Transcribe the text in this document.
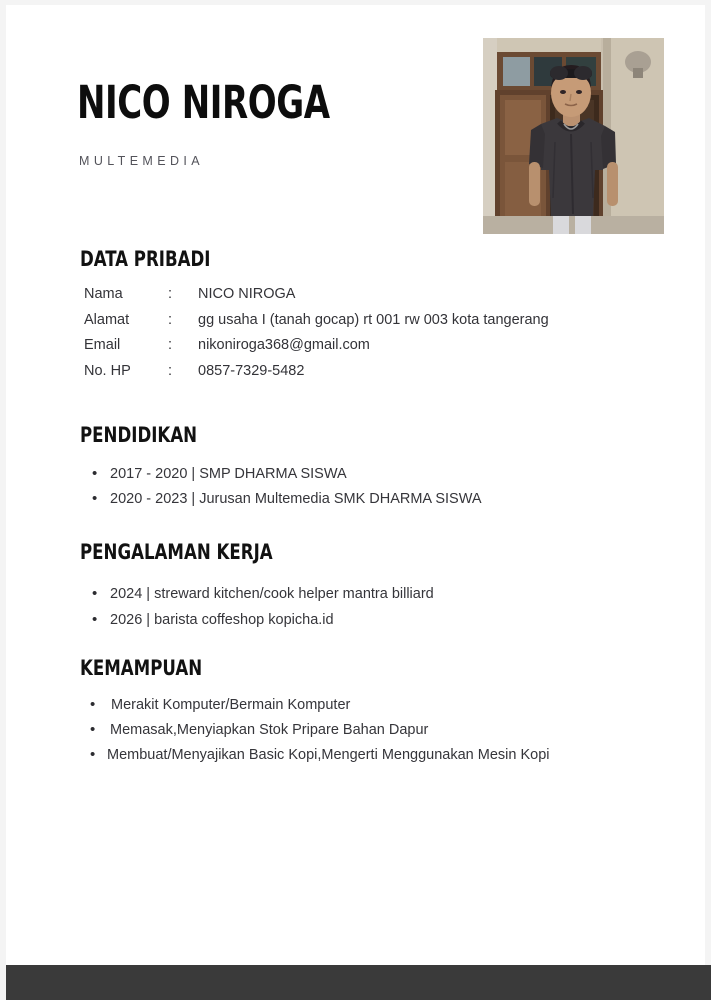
NICO NIROGA
MULTEMEDIA
DATA PRIBADI
Nama	: NICO NIROGA
Alamat	: gg usaha I (tanah gocap) rt 001 rw 003 kota tangerang
Email	: nikoniroga368@gmail.com
No. HP	: 0857-7329-5482
PENDIDIKAN
• 2017 - 2020 | SMP DHARMA SISWA
• 2020 - 2023 | Jurusan Multemedia SMK DHARMA SISWA
PENGALAMAN KERJA
• 2024 | streward kitchen/cook helper mantra billiard
• 2026 | barista coffeshop kopicha.id
KEMAMPUAN
• Merakit Komputer/Bermain Komputer
• Memasak,Menyiapkan Stok Pripare Bahan Dapur
• Membuat/Menyajikan Basic Kopi,Mengerti Menggunakan Mesin Kopi
